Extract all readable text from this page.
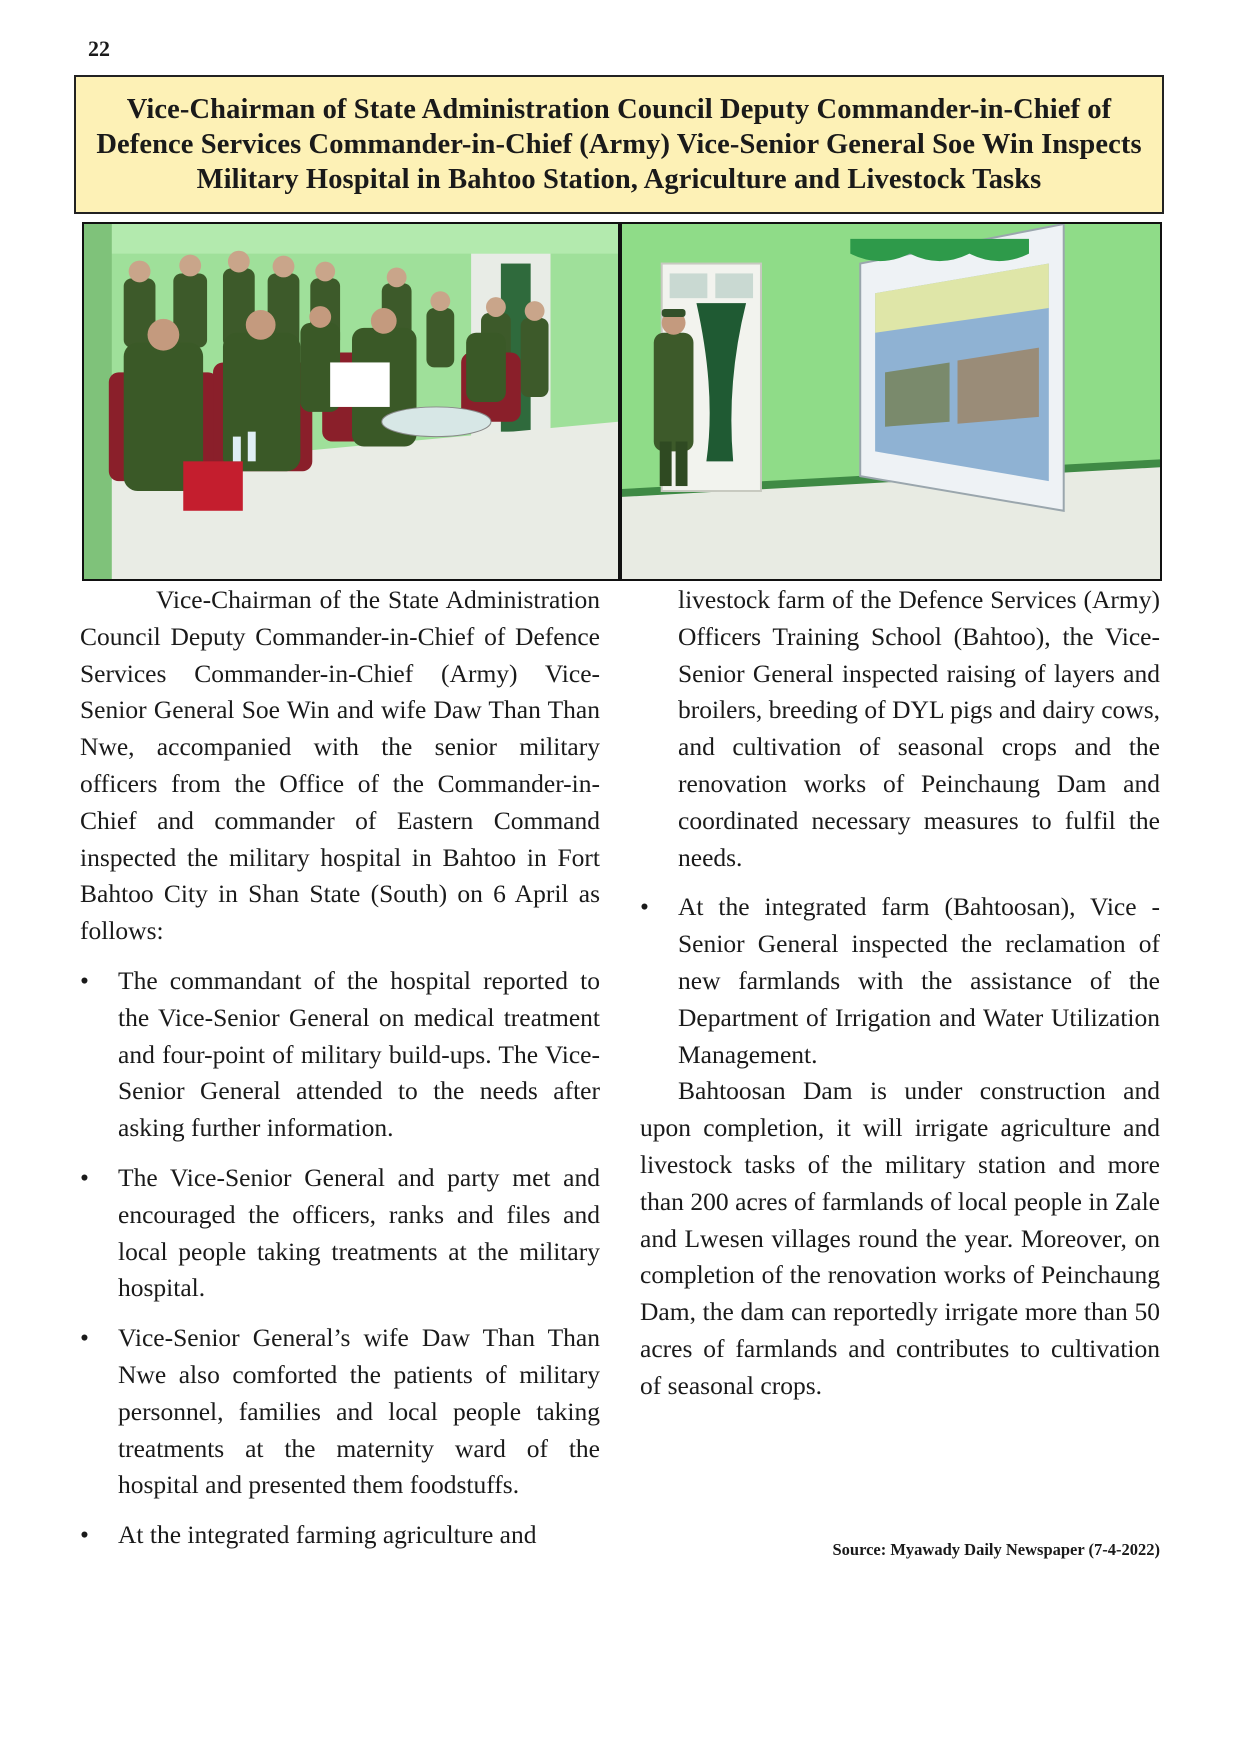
22
Vice-Chairman of State Administration Council Deputy Commander-in-Chief of Defence Services Commander-in-Chief (Army) Vice-Senior General Soe Win Inspects Military Hospital in Bahtoo Station, Agriculture and Livestock Tasks

Vice-Chairman of the State Administration Council Deputy Commander-in-Chief of Defence Services Commander-in-Chief (Army) Vice-Senior General Soe Win and wife Daw Than Than Nwe, accompanied with the senior military officers from the Office of the Commander-in-Chief and commander of Eastern Command inspected the military hospital in Bahtoo in Fort Bahtoo City in Shan State (South) on 6 April as follows:

• The commandant of the hospital reported to the Vice-Senior General on medical treatment and four-point of military build-ups. The Vice-Senior General attended to the needs after asking further information.
• The Vice-Senior General and party met and encouraged the officers, ranks and files and local people taking treatments at the military hospital.
• Vice-Senior General’s wife Daw Than Than Nwe also comforted the patients of military personnel, families and local people taking treatments at the maternity ward of the hospital and presented them foodstuffs.
• At the integrated farming agriculture and
livestock farm of the Defence Services (Army) Officers Training School (Bahtoo), the Vice-Senior General inspected raising of layers and broilers, breeding of DYL pigs and dairy cows, and cultivation of seasonal crops and the renovation works of Peinchaung Dam and coordinated necessary measures to fulfil the needs.
• At the integrated farm (Bahtoosan), Vice -Senior General inspected the reclamation of new farmlands with the assistance of the Department of Irrigation and Water Utilization Management.

Bahtoosan Dam is under construction and upon completion, it will irrigate agriculture and livestock tasks of the military station and more than 200 acres of farmlands of local people in Zale and Lwesen villages round the year. Moreover, on completion of the renovation works of Peinchaung Dam, the dam can reportedly irrigate more than 50 acres of farmlands and contributes to cultivation of seasonal crops.

Source: Myawady Daily Newspaper (7-4-2022)
